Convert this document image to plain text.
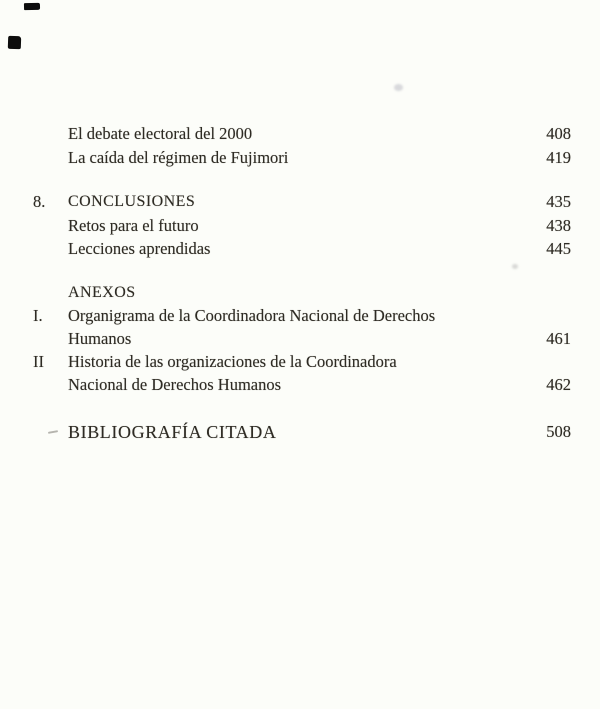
El debate electoral del 2000	408
La caída del régimen de Fujimori	419
8. CONCLUSIONES	435
Retos para el futuro	438
Lecciones aprendidas	445
ANEXOS
I. Organigrama de la Coordinadora Nacional de Derechos
Humanos	461
II Historia de las organizaciones de la Coordinadora
Nacional de Derechos Humanos	462
BIBLIOGRAFÍA CITADA	508
